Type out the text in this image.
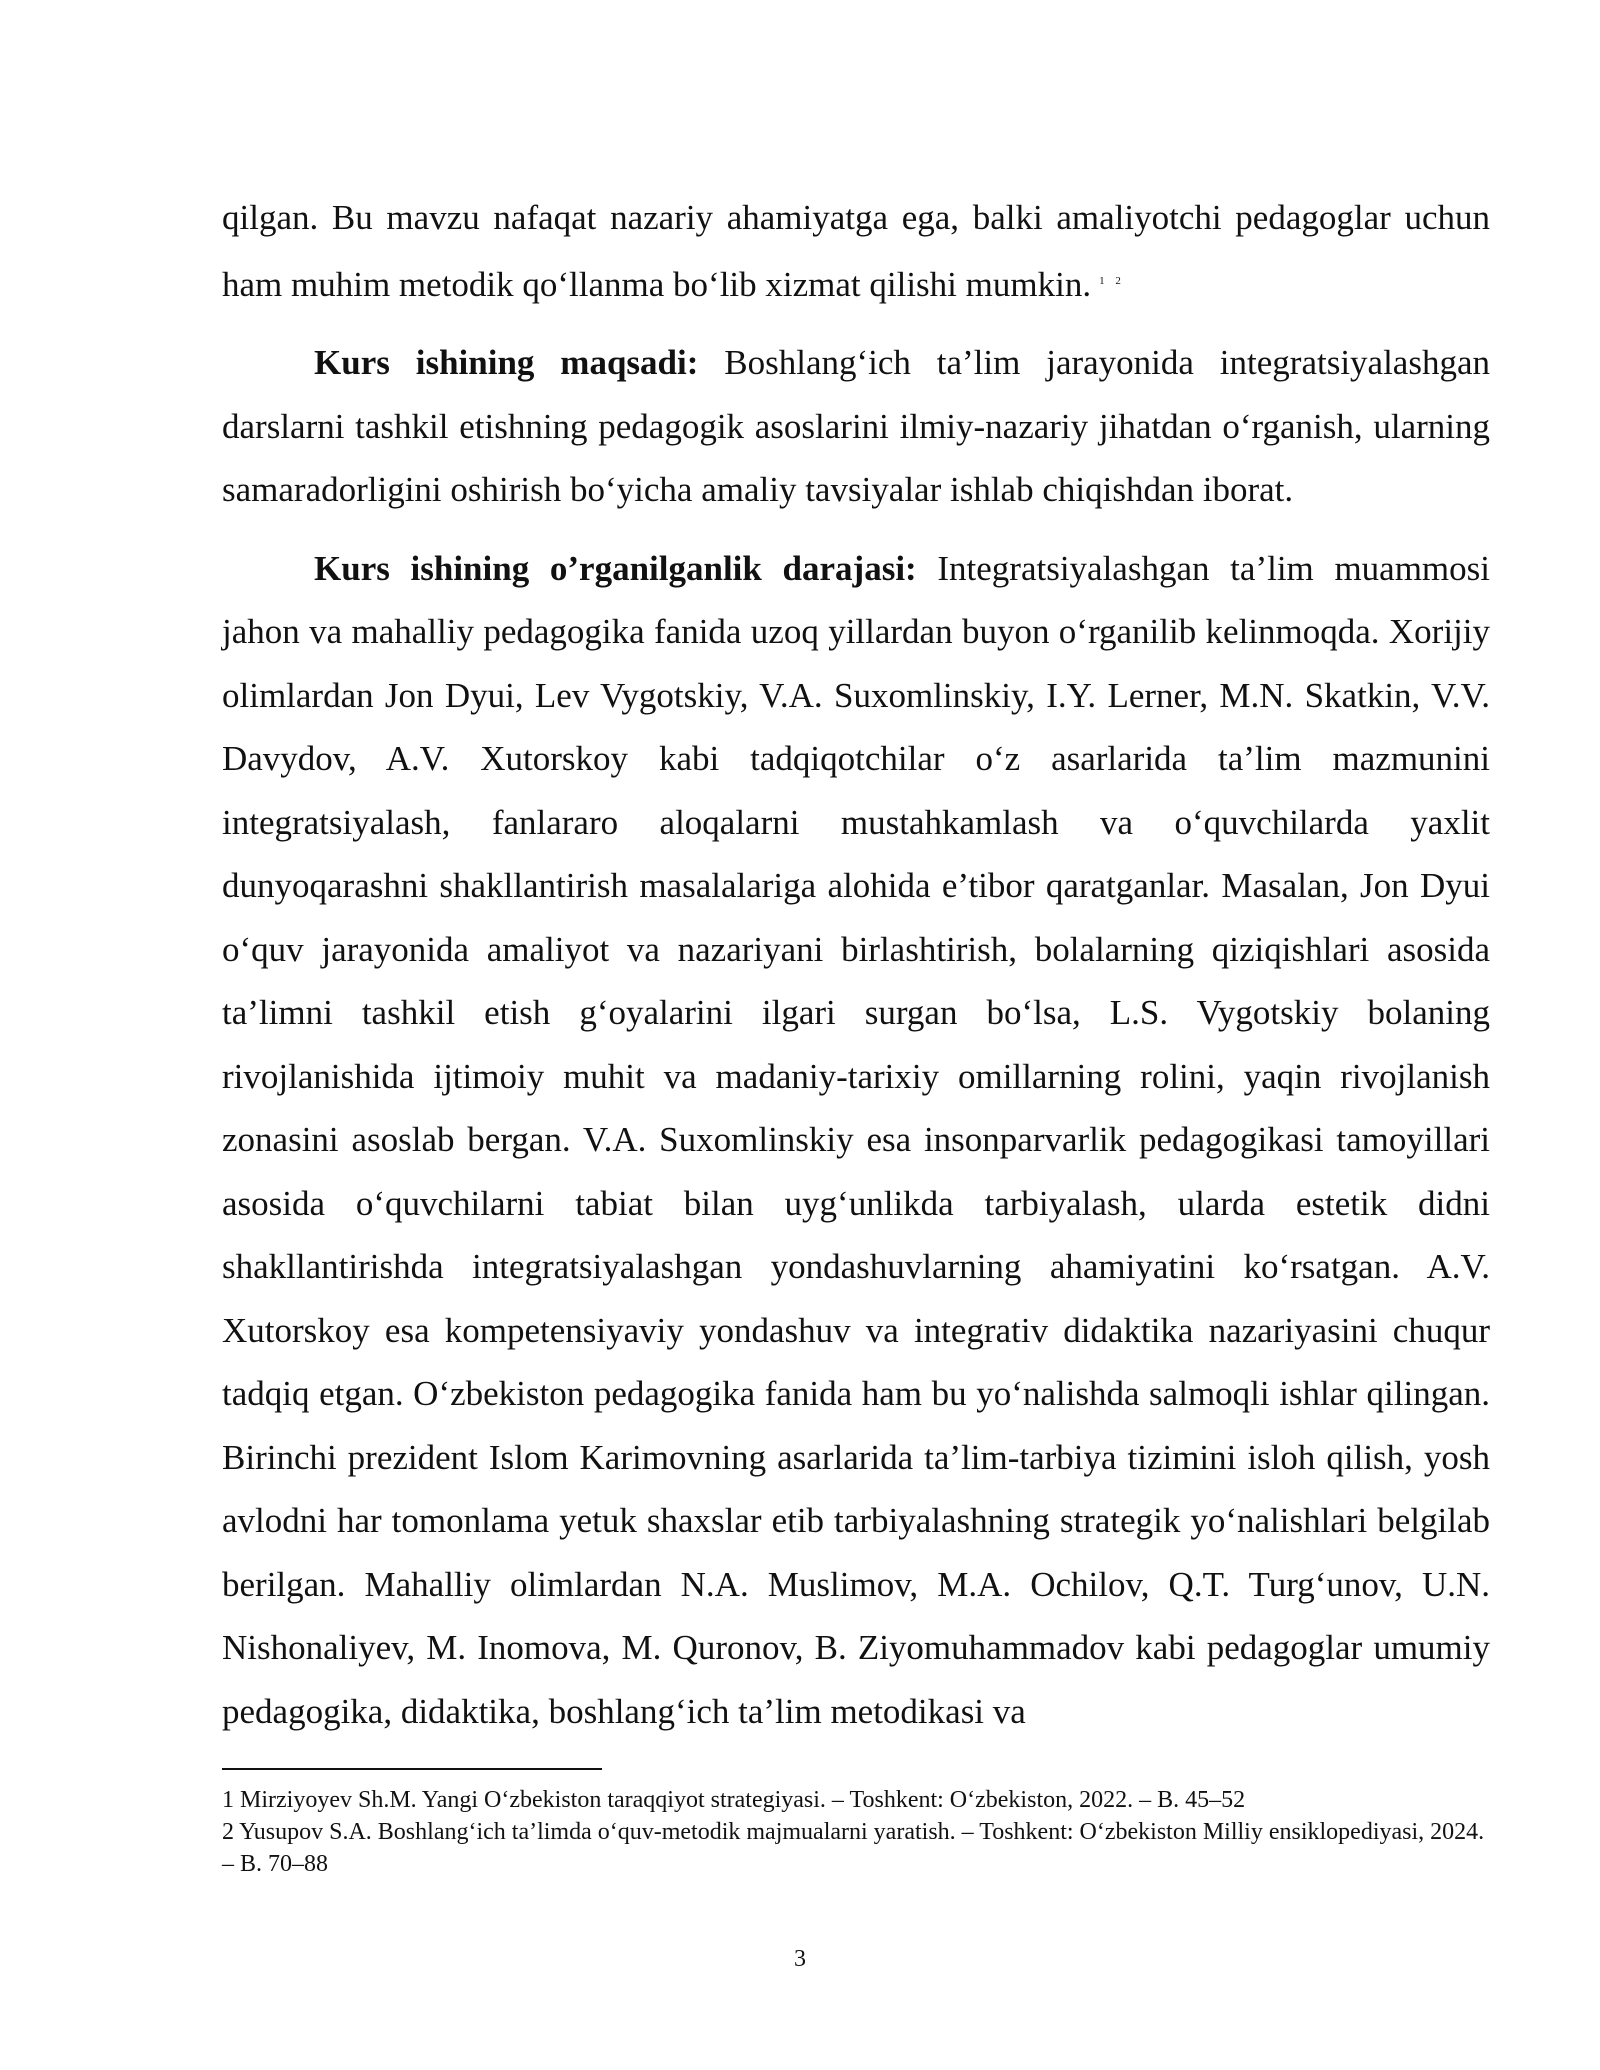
qilgan. Bu mavzu nafaqat nazariy ahamiyatga ega, balki amaliyotchi pedagoglar uchun ham muhim metodik qo‘llanma bo‘lib xizmat qilishi mumkin. $^{1 2}$

Kurs ishining maqsadi: Boshlang‘ich ta’lim jarayonida integratsiyalashgan darslarni tashkil etishning pedagogik asoslarini ilmiy-nazariy jihatdan o‘rganish, ularning samaradorligini oshirish bo‘yicha amaliy tavsiyalar ishlab chiqishdan iborat.

Kurs ishining o’rganilganlik darajasi: Integratsiyalashgan ta’lim muammosi jahon va mahalliy pedagogika fanida uzoq yillardan buyon o‘rganilib kelinmoqda. Xorijiy olimlardan Jon Dyui, Lev Vygotskiy, V.A. Suxomlinskiy, I.Y. Lerner, M.N. Skatkin, V.V. Davydov, A.V. Xutorskoy kabi tadqiqotchilar o‘z asarlarida ta’lim mazmunini integratsiyalash, fanlararo aloqalarni mustahkamlash va o‘quvchilarda yaxlit dunyoqarashni shakllantirish masalalariga alohida e’tibor qaratganlar. Masalan, Jon Dyui o‘quv jarayonida amaliyot va nazariyani birlashtirish, bolalarning qiziqishlari asosida ta’limni tashkil etish g‘oyalarini ilgari surgan bo‘lsa, L.S. Vygotskiy bolaning rivojlanishida ijtimoiy muhit va madaniy-tarixiy omillarning rolini, yaqin rivojlanish zonasini asoslab bergan. V.A. Suxomlinskiy esa insonparvarlik pedagogikasi tamoyillari asosida o‘quvchilarni tabiat bilan uyg‘unlikda tarbiyalash, ularda estetik didni shakllantirishda integratsiyalashgan yondashuvlarning ahamiyatini ko‘rsatgan. A.V. Xutorskoy esa kompetensiyaviy yondashuv va integrativ didaktika nazariyasini chuqur tadqiq etgan. O‘zbekiston pedagogika fanida ham bu yo‘nalishda salmoqli ishlar qilingan. Birinchi prezident Islom Karimovning asarlarida ta’lim-tarbiya tizimini isloh qilish, yosh avlodni har tomonlama yetuk shaxslar etib tarbiyalashning strategik yo‘nalishlari belgilab berilgan. Mahalliy olimlardan N.A. Muslimov, M.A. Ochilov, Q.T. Turg‘unov, U.N. Nishonaliyev, M. Inomova, M. Quronov, B. Ziyomuhammadov kabi pedagoglar umumiy pedagogika, didaktika, boshlang‘ich ta’lim metodikasi va

1 Mirziyoyev Sh.M. Yangi O‘zbekiston taraqqiyot strategiyasi. – Toshkent: O‘zbekiston, 2022. – B. 45–52

2 Yusupov S.A. Boshlang‘ich ta’limda o‘quv-metodik majmualarni yaratish. – Toshkent: O‘zbekiston Milliy ensiklopediyasi, 2024. – B. 70–88

3
